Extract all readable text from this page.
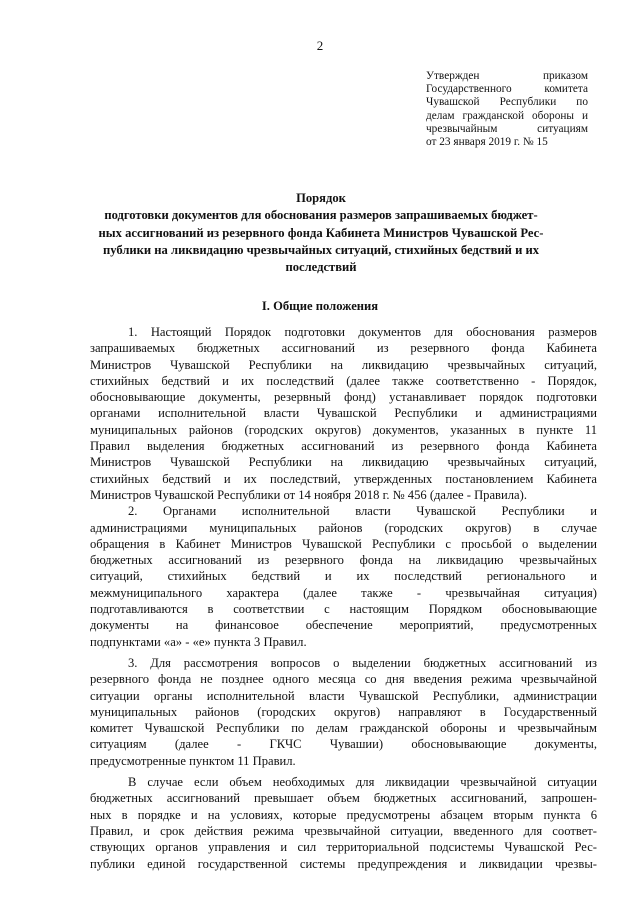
2
Утвержден приказом
Государственного комитета
Чувашской Республики по
делам гражданской обороны и
чрезвычайным ситуациям
от 23 января 2019 г. № 15
Порядок
подготовки документов для обоснования размеров запрашиваемых бюджет-
ных ассигнований из резервного фонда Кабинета Министров Чувашской Рес-
публики на ликвидацию чрезвычайных ситуаций, стихийных бедствий и их
последствий
I. Общие положения
1. Настоящий Порядок подготовки документов для обоснования размеров
запрашиваемых бюджетных ассигнований из резервного фонда Кабинета
Министров Чувашской Республики на ликвидацию чрезвычайных ситуаций,
стихийных бедствий и их последствий (далее также соответственно - Порядок,
обосновывающие документы, резервный фонд) устанавливает порядок подготовки
органами исполнительной власти Чувашской Республики и администрациями
муниципальных районов (городских округов) документов, указанных в пункте 11
Правил выделения бюджетных ассигнований из резервного фонда Кабинета
Министров Чувашской Республики на ликвидацию чрезвычайных ситуаций,
стихийных бедствий и их последствий, утвержденных постановлением Кабинета
Министров Чувашской Республики от 14 ноября 2018 г. № 456 (далее - Правила).
2. Органами исполнительной власти Чувашской Республики и
администрациями муниципальных районов (городских округов) в случае
обращения в Кабинет Министров Чувашской Республики с просьбой о выделении
бюджетных ассигнований из резервного фонда на ликвидацию чрезвычайных
ситуаций, стихийных бедствий и их последствий регионального и
межмуниципального характера (далее также - чрезвычайная ситуация)
подготавливаются в соответствии с настоящим Порядком обосновывающие
документы на финансовое обеспечение мероприятий, предусмотренных
подпунктами «а» - «е» пункта 3 Правил.
3. Для рассмотрения вопросов о выделении бюджетных ассигнований из
резервного фонда не позднее одного месяца со дня введения режима чрезвычайной
ситуации органы исполнительной власти Чувашской Республики, администрации
муниципальных районов (городских округов) направляют в Государственный
комитет Чувашской Республики по делам гражданской обороны и чрезвычайным
ситуациям (далее - ГКЧС Чувашии) обосновывающие документы,
предусмотренные пунктом 11 Правил.
В случае если объем необходимых для ликвидации чрезвычайной ситуации
бюджетных ассигнований превышает объем бюджетных ассигнований, запрошен-
ных в порядке и на условиях, которые предусмотрены абзацем вторым пункта 6
Правил, и срок действия режима чрезвычайной ситуации, введенного для соответ-
ствующих органов управления и сил территориальной подсистемы Чувашской Рес-
публики единой государственной системы предупреждения и ликвидации чрезвы-
